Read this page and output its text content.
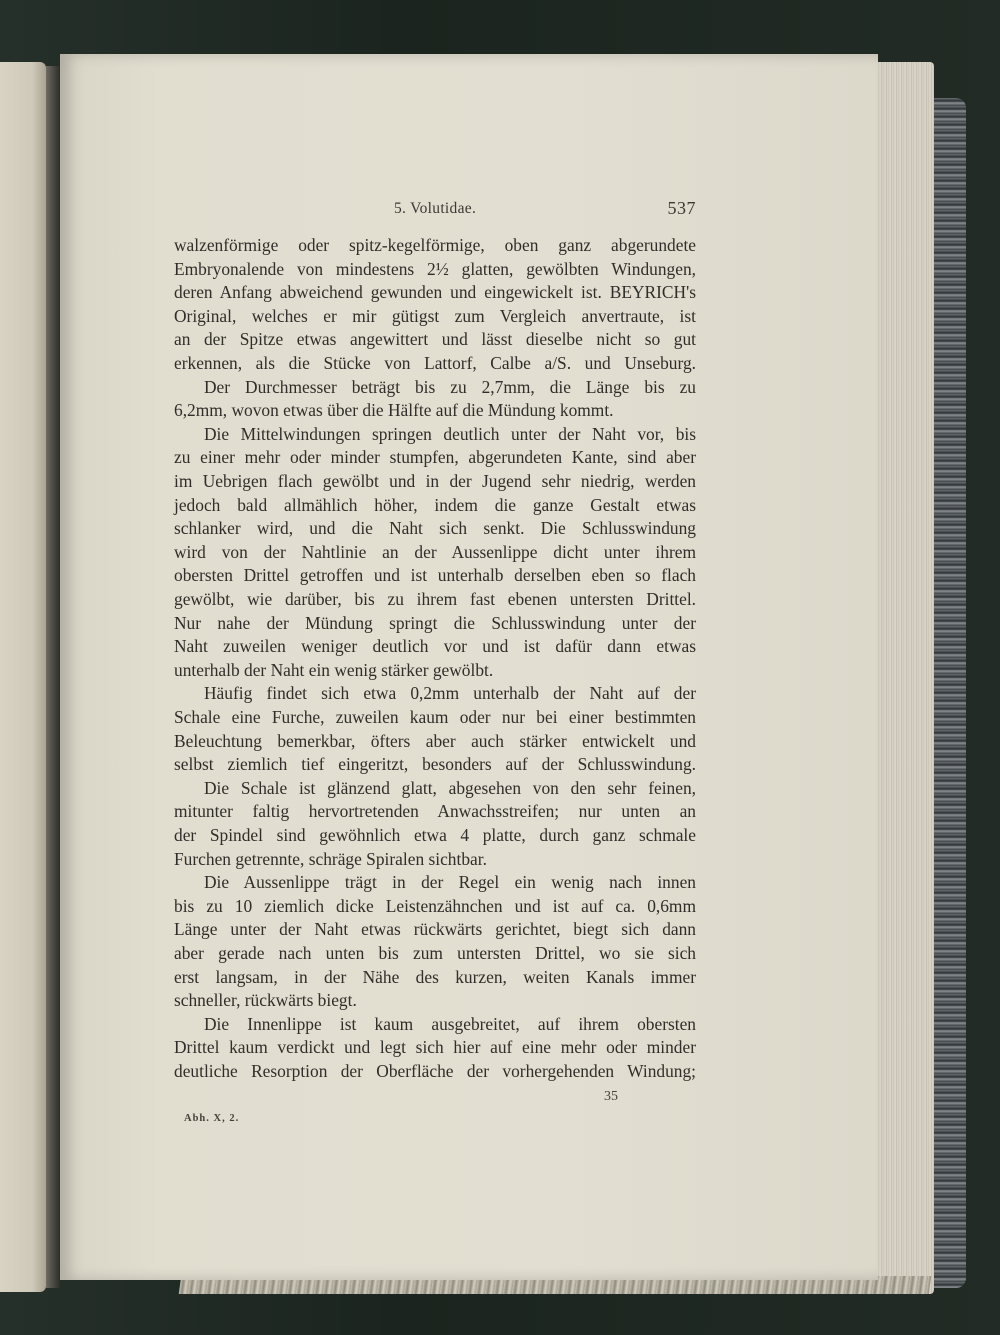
5. Volutidae.	537
walzenförmige oder spitz-kegelförmige, oben ganz abgerundete
Embryonalende von mindestens 2½ glatten, gewölbten Windungen,
deren Anfang abweichend gewunden und eingewickelt ist. BEYRICH's
Original, welches er mir gütigst zum Vergleich anvertraute, ist
an der Spitze etwas angewittert und lässt dieselbe nicht so gut
erkennen, als die Stücke von Lattorf, Calbe a/S. und Unseburg.
Der Durchmesser beträgt bis zu 2,7mm, die Länge bis zu
6,2mm, wovon etwas über die Hälfte auf die Mündung kommt.
Die Mittelwindungen springen deutlich unter der Naht vor, bis
zu einer mehr oder minder stumpfen, abgerundeten Kante, sind aber
im Uebrigen flach gewölbt und in der Jugend sehr niedrig, werden
jedoch bald allmählich höher, indem die ganze Gestalt etwas
schlanker wird, und die Naht sich senkt. Die Schlusswindung
wird von der Nahtlinie an der Aussenlippe dicht unter ihrem
obersten Drittel getroffen und ist unterhalb derselben eben so flach
gewölbt, wie darüber, bis zu ihrem fast ebenen untersten Drittel.
Nur nahe der Mündung springt die Schlusswindung unter der
Naht zuweilen weniger deutlich vor und ist dafür dann etwas
unterhalb der Naht ein wenig stärker gewölbt.
Häufig findet sich etwa 0,2mm unterhalb der Naht auf der
Schale eine Furche, zuweilen kaum oder nur bei einer bestimmten
Beleuchtung bemerkbar, öfters aber auch stärker entwickelt und
selbst ziemlich tief eingeritzt, besonders auf der Schlusswindung.
Die Schale ist glänzend glatt, abgesehen von den sehr feinen,
mitunter faltig hervortretenden Anwachsstreifen; nur unten an
der Spindel sind gewöhnlich etwa 4 platte, durch ganz schmale
Furchen getrennte, schräge Spiralen sichtbar.
Die Aussenlippe trägt in der Regel ein wenig nach innen
bis zu 10 ziemlich dicke Leistenzähnchen und ist auf ca. 0,6mm
Länge unter der Naht etwas rückwärts gerichtet, biegt sich dann
aber gerade nach unten bis zum untersten Drittel, wo sie sich
erst langsam, in der Nähe des kurzen, weiten Kanals immer
schneller, rückwärts biegt.
Die Innenlippe ist kaum ausgebreitet, auf ihrem obersten
Drittel kaum verdickt und legt sich hier auf eine mehr oder minder
deutliche Resorption der Oberfläche der vorhergehenden Windung;
Abh. X, 2.
35
